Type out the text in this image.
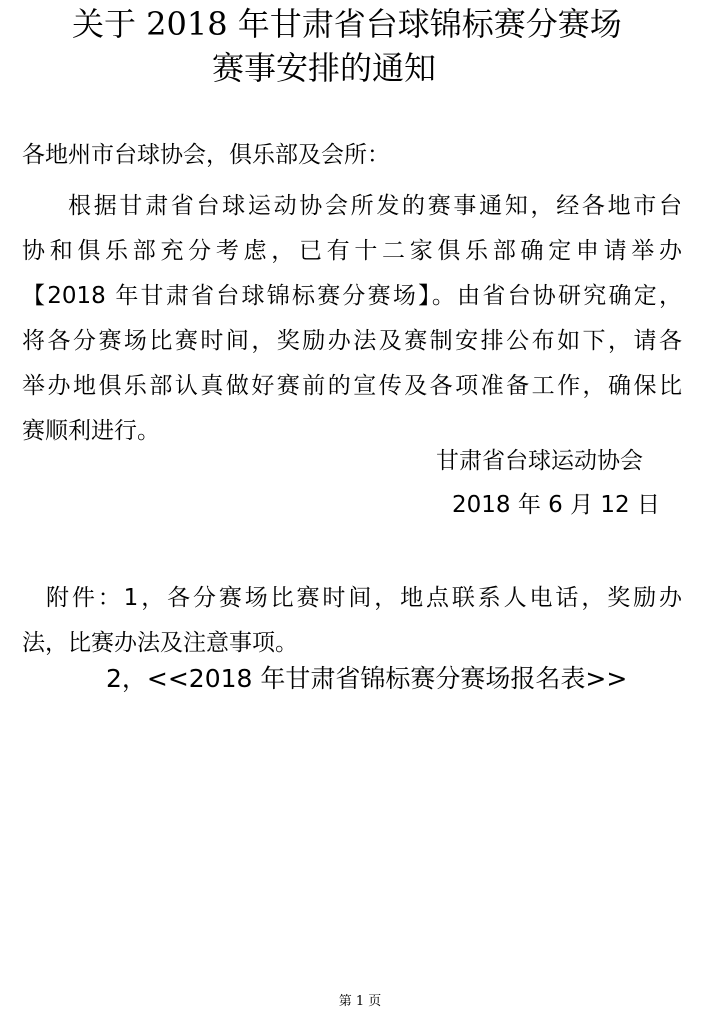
关于 2018 年甘肃省台球锦标赛分赛场
赛事安排的通知
各地州市台球协会，俱乐部及会所：
根据甘肃省台球运动协会所发的赛事通知，经各地市台
协和俱乐部充分考虑，已有十二家俱乐部确定申请举办
【2018 年甘肃省台球锦标赛分赛场】。由省台协研究确定，
将各分赛场比赛时间，奖励办法及赛制安排公布如下，请各
举办地俱乐部认真做好赛前的宣传及各项准备工作，确保比
赛顺利进行。
甘肃省台球运动协会
2018 年 6 月 12 日
附件：1，各分赛场比赛时间，地点联系人电话，奖励办
法，比赛办法及注意事项。
2，<<2018 年甘肃省锦标赛分赛场报名表>>
第 1 页
